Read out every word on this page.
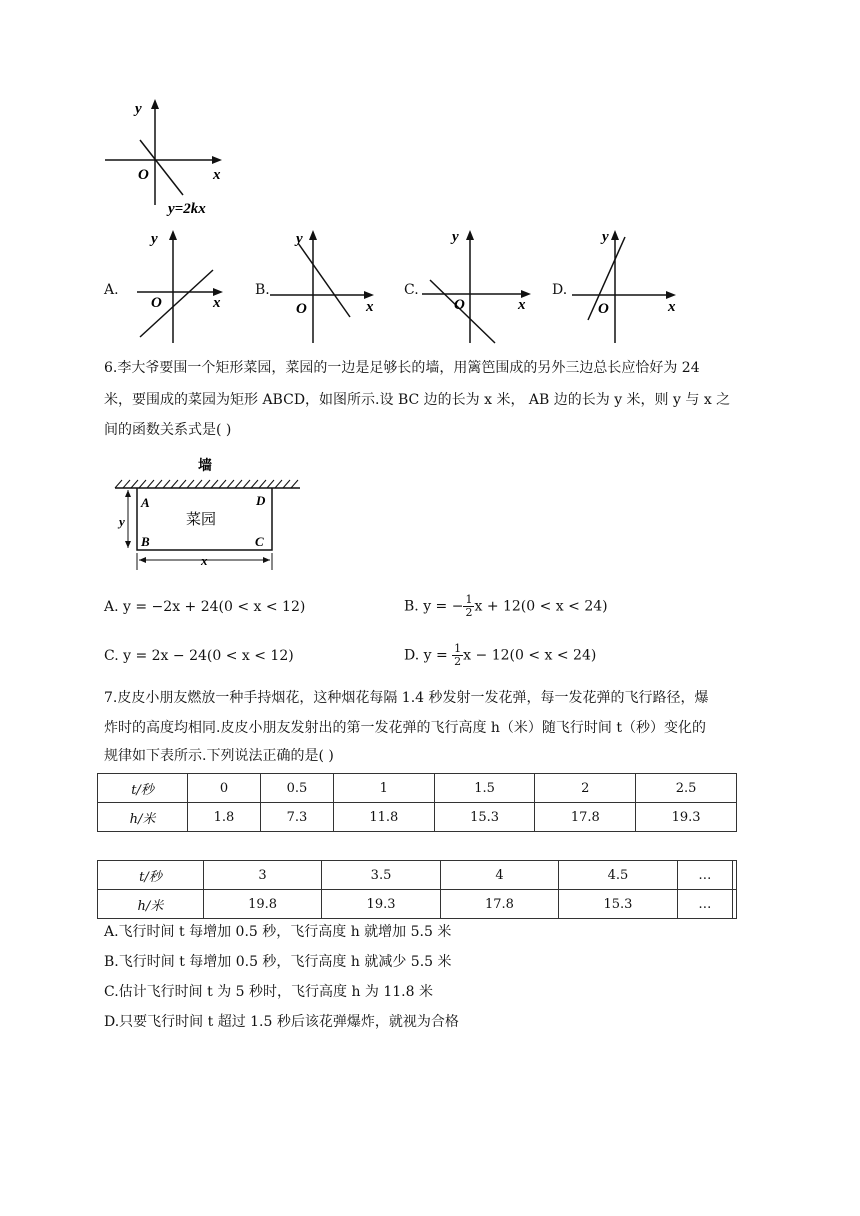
y
x
O
y=2kx
A.
y
x
O
B.
y
x
O
C.
y
x
O
D.
y
x
O
6.李大爷要围一个矩形菜园，菜园的一边是足够长的墙，用篱笆围成的另外三边总长应恰好为 24
米，要围成的菜园为矩形 ABCD，如图所示.设 BC 边的长为 x 米， AB 边的长为 y 米，则 y 与 x 之
间的函数关系式是( )
墙
A	D
B	C
菜园
y
x
A. y = −2x + 24(0 < x < 12)	B. y = − $\frac{1}{2}$ x + 12(0 < x < 24)
C. y = 2x − 24(0 < x < 12)	D. $y = \frac{1}{2}$ x − 12(0 < x < 24)
7.皮皮小朋友燃放一种手持烟花，这种烟花每隔 1.4 秒发射一发花弹，每一发花弹的飞行路径，爆
炸时的高度均相同.皮皮小朋友发射出的第一发花弹的飞行高度 h（米）随飞行时间 t（秒）变化的
规律如下表所示.下列说法正确的是( )
t/秒	0	0.5	1	1.5	2	2.5
h/米	1.8	7.3	11.8	15.3	17.8	19.3
t/秒	3	3.5	4	4.5	…	
h/米	19.8	19.3	17.8	15.3	…	
A.飞行时间 t 每增加 0.5 秒，飞行高度 h 就增加 5.5 米
B.飞行时间 t 每增加 0.5 秒，飞行高度 h 就减少 5.5 米
C.估计飞行时间 t 为 5 秒时，飞行高度 h 为 11.8 米
D.只要飞行时间 t 超过 1.5 秒后该花弹爆炸，就视为合格
